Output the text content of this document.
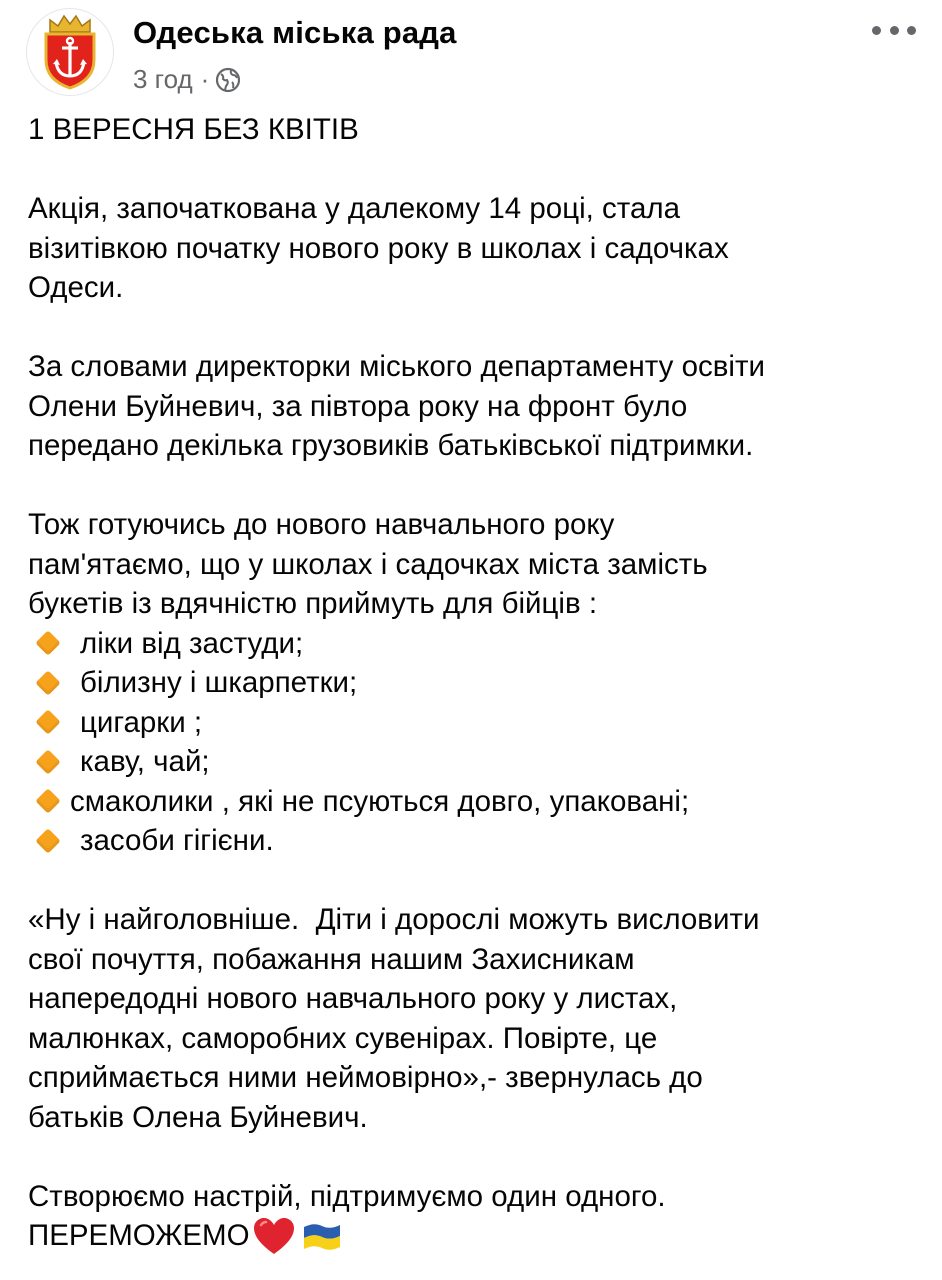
Одеська міська рада
3 год ·

1 ВЕРЕСНЯ БЕЗ КВІТІВ

Акція, започаткована у далекому 14 році, стала

візитівкою початку нового року в школах і садочках

Одеси.

За словами директорки міського департаменту освіти

Олени Буйневич, за півтора року на фронт було

передано декілька грузовиків батьківської підтримки.

Тож готуючись до нового навчального року

пам'ятаємо, що у школах і садочках міста замість

букетів із вдячністю приймуть для бійців :

ліки від застуди;
білизну і шкарпетки;
цигарки ;
каву, чай;
смаколики , які не псуються довго, упаковані;
засоби гігієни.

«Ну і найголовніше.  Діти і дорослі можуть висловити

свої почуття, побажання нашим Захисникам

напередодні нового навчального року у листах,

малюнках, саморобних сувенірах. Повірте, це

сприймається ними неймовірно»,- звернулась до

батьків Олена Буйневич.

Створюємо настрій, підтримуємо один одного.

ПЕРЕМОЖЕМО
